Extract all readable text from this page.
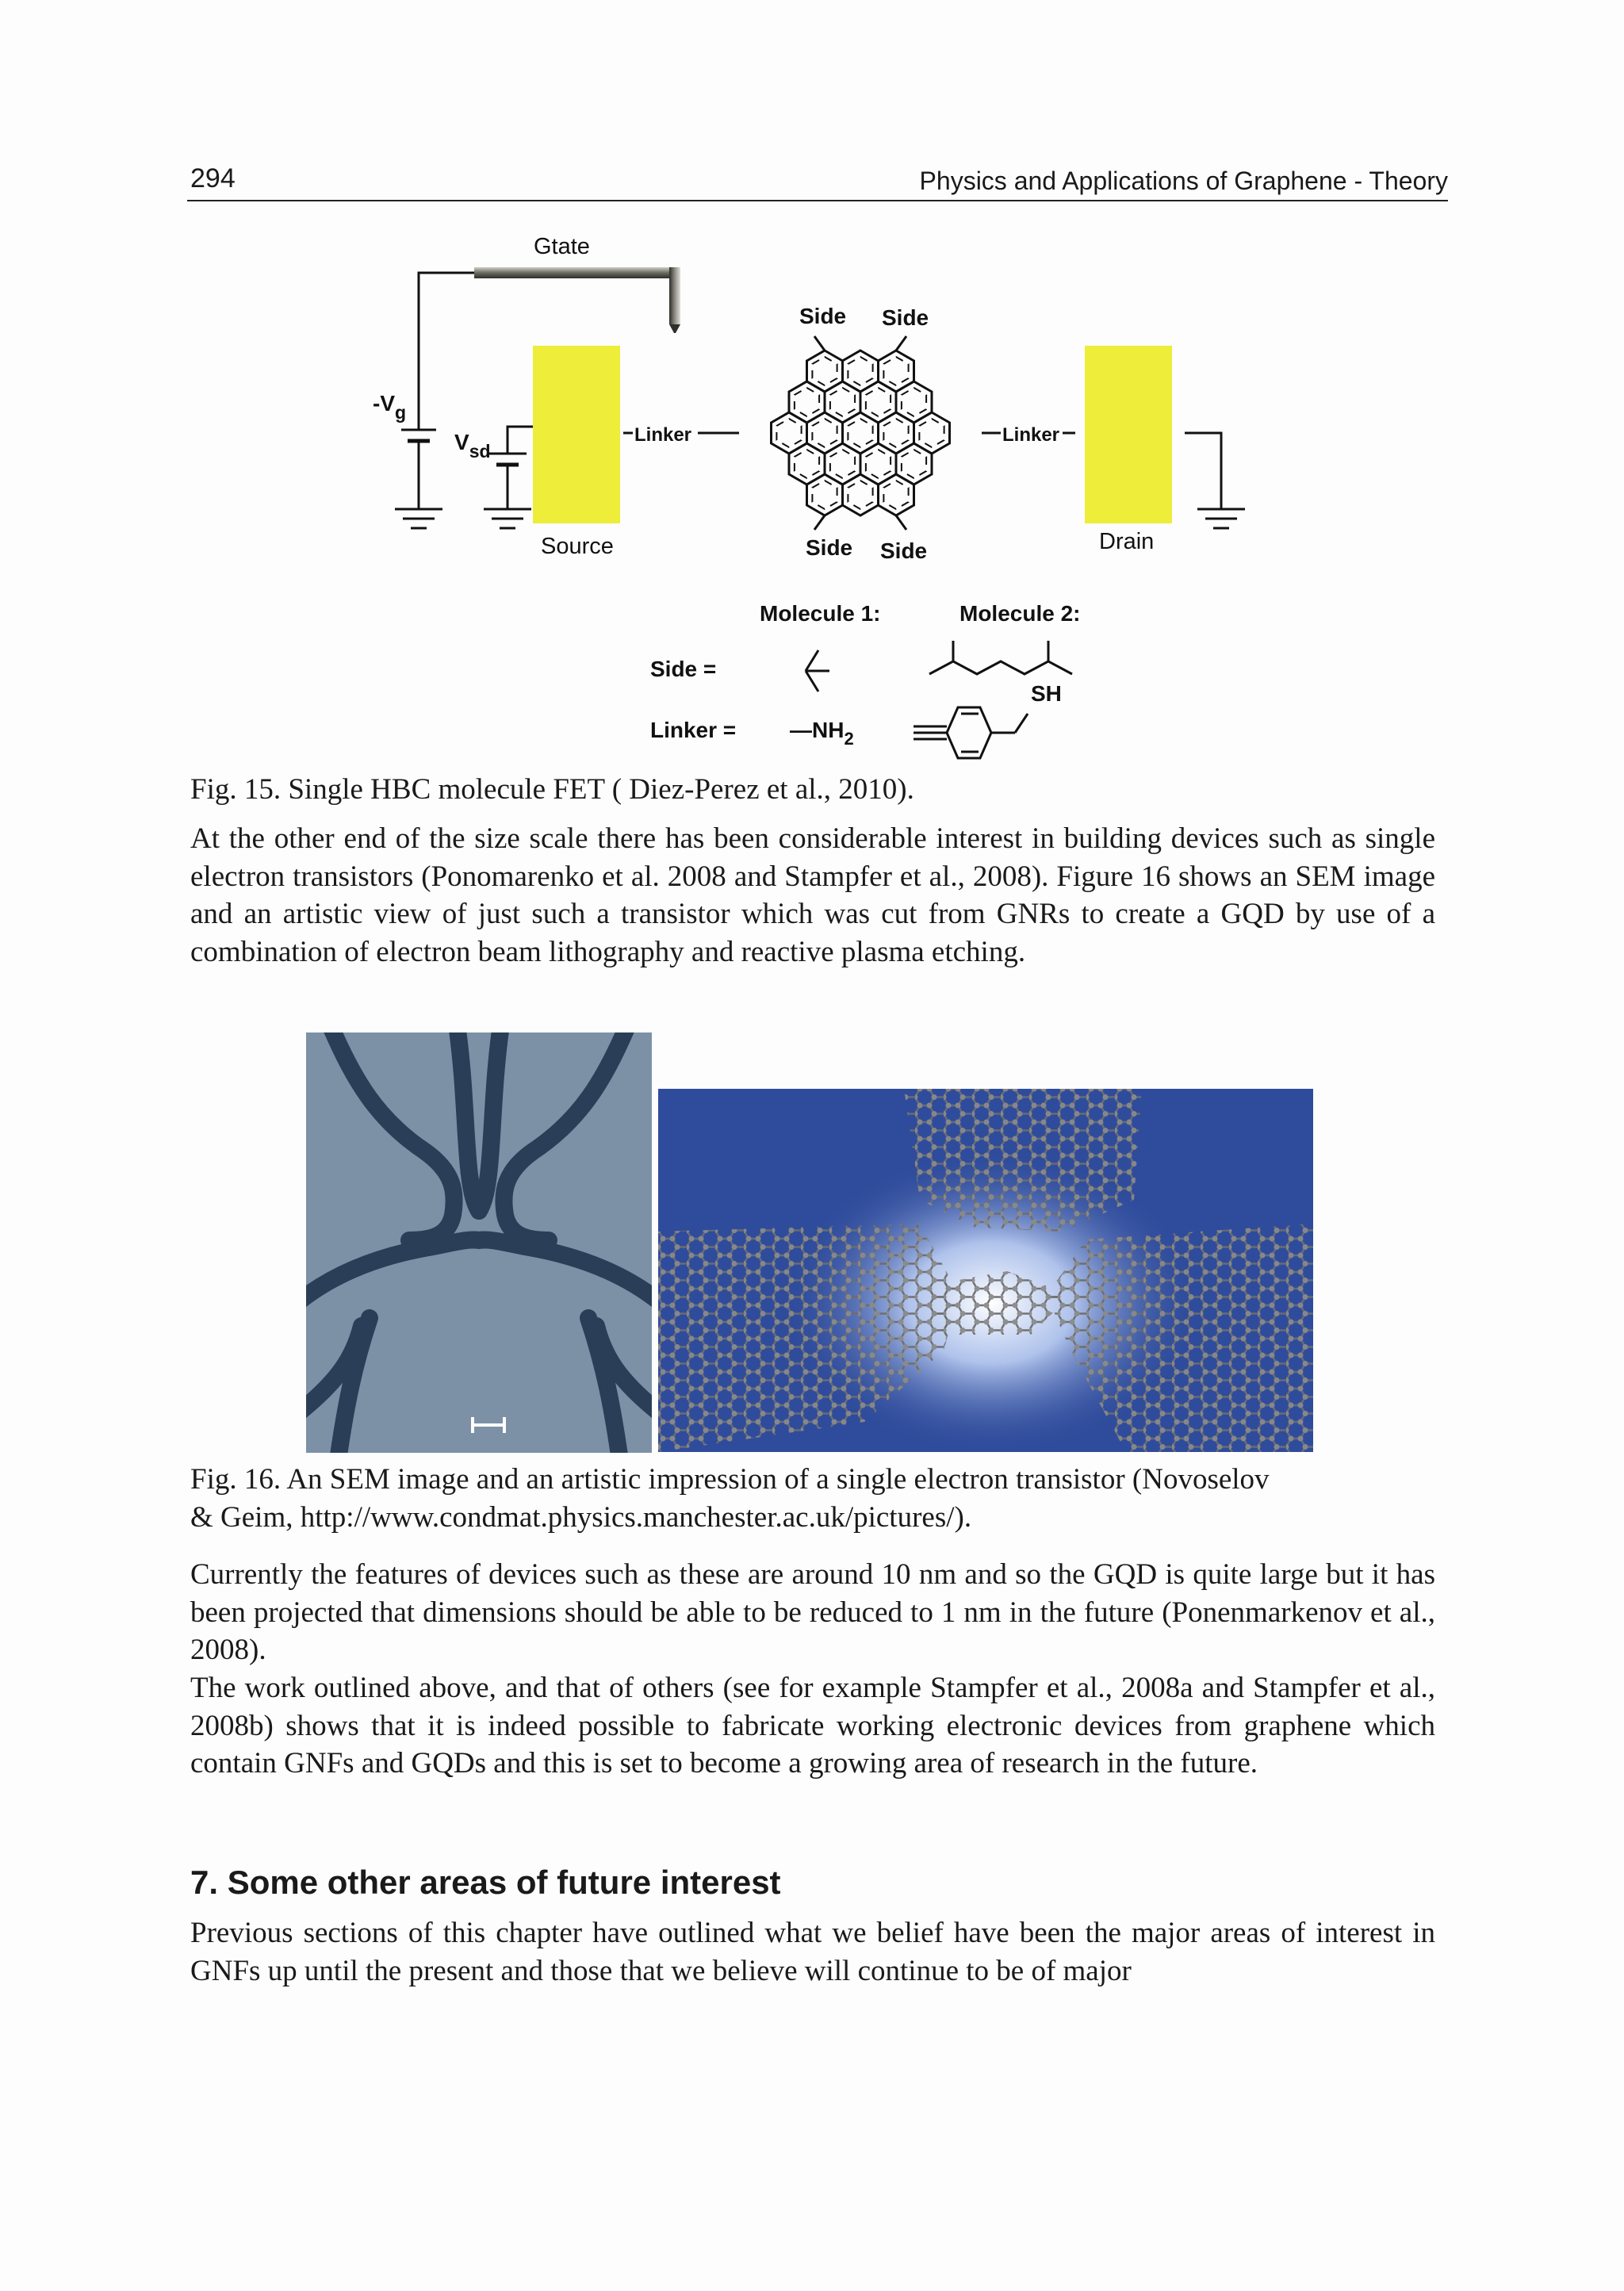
294	Physics and Applications of Graphene - Theory
Gtate
$-V_g$
$V_{sd}$
Source	Drain
Linker	Linker
Side Side
Side Side
Molecule 1:	Molecule 2:
Side =
Linker = $—NH_2$
SH
Fig. 15. Single HBC molecule FET ( Diez-Perez et al., 2010).
At the other end of the size scale there has been considerable interest in building devices such as single electron transistors (Ponomarenko et al. 2008 and Stampfer et al., 2008). Figure 16 shows an SEM image and an artistic view of just such a transistor which was cut from GNRs to create a GQD by use of a combination of electron beam lithography and reactive plasma etching.
Fig. 16. An SEM image and an artistic impression of a single electron transistor (Novoselov
& Geim, http://www.condmat.physics.manchester.ac.uk/pictures/).
Currently the features of devices such as these are around 10 nm and so the GQD is quite large but it has been projected that dimensions should be able to be reduced to 1 nm in the future (Ponenmarkenov et al., 2008).
The work outlined above, and that of others (see for example Stampfer et al., 2008a and Stampfer et al., 2008b) shows that it is indeed possible to fabricate working electronic devices from graphene which contain GNFs and GQDs and this is set to become a growing area of research in the future.
7. Some other areas of future interest
Previous sections of this chapter have outlined what we belief have been the major areas of interest in GNFs up until the present and those that we believe will continue to be of major
